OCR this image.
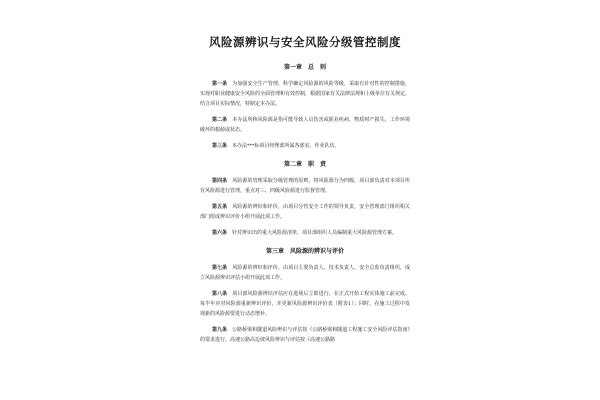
风险源辨识与安全风险分级管控制度
第一章　总　则

第一条 为加强安全生产管理，科学确定风险源的风险等级，采取有针对性的控制措施，实现对职业健康安全风险的全面管理和有效控制，根据国家有关法律法规和上级单位有关规定，结合项目实际情况，特制定本办法。

第二条 本办法所称风险源是指可能导致人员伤害或职业疾病、物质财产损失、工作环境破坏的根源或状态。

第三条 本办法***标项目经理部所属各部室、作业队伍。

第二章　职　责

第四条 风险源的管理采取分级管理的原则，将风险源分为四级，项目部负责对本项目所有风险源进行管理，重点对三、四级风险源进行监督管理。

第五条 风险源的辨识和评价，由项目分管安全工作的领导负责，安全管理部门组织相关部门组成辨识评价小组开展此项工作。

第六条 针对辨识出的重大风险源清单，项目部组织人员编制重大风险源管理方案。

第三章　风险源的辨识与评价

第七条 风险源的辨识和评价，由项目主要负责人、技术负责人、安全总监负责组织，成立风险源辨识评估小组开展此项工作。

第八条 项目部风险源辨识评估应在进场后立即进行，在正式开始工程实体施工前完成。每半年应对风险源重新辨识评价，并更新风险源辨识评价表（附表1）；同时，在施工过程中发现新的风险源要进行动态增补。

第九条 公路桥梁和隧道风险辨识与评估按《公路桥梁和隧道工程施工安全风险评估指南》的要求进行，高速公路高边坡风险辨识与评估按《高速公路路
